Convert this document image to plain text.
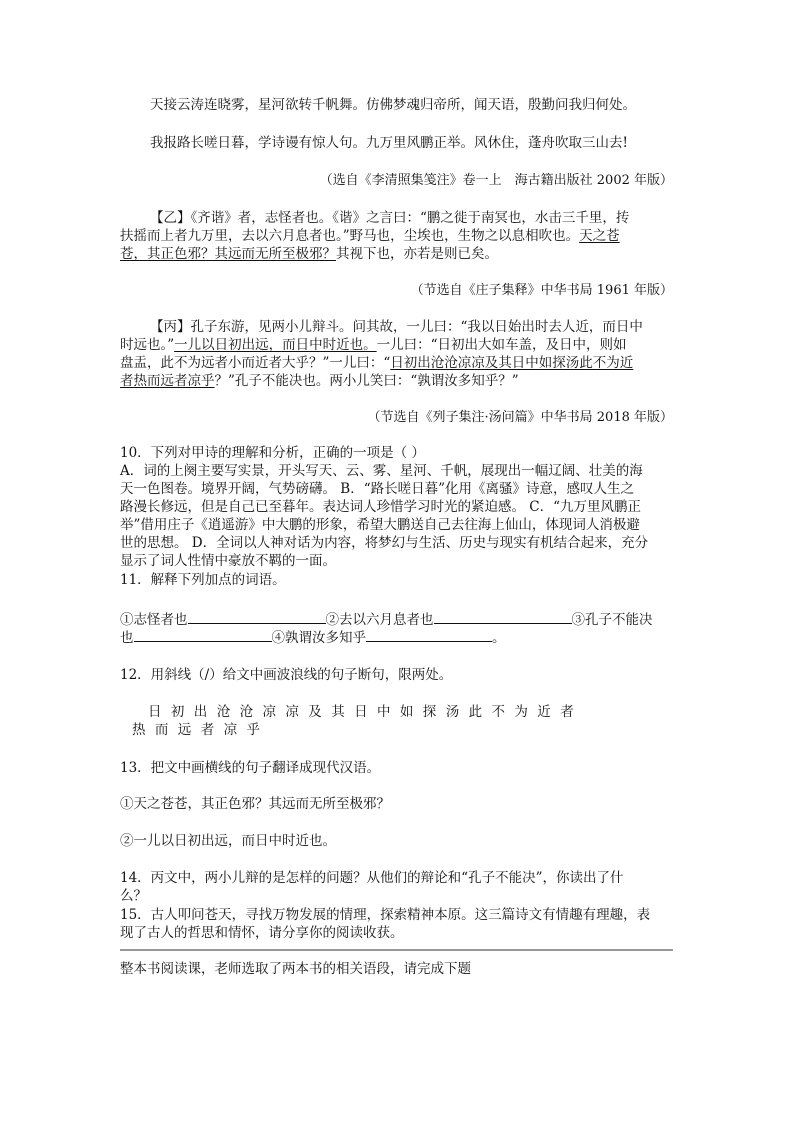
天接云涛连晓雾，星河欲转千帆舞。仿佛梦魂归帝所，闻天语，殷勤问我归何处。
我报路长嗟日暮，学诗谩有惊人句。九万里风鹏正举。风休住，蓬舟吹取三山去!
（选自《李清照集笺注》卷一上　海古籍出版社 2002 年版）
【乙】《齐谐》者，志怪者也。《谐》之言曰：“鹏之徙于南冥也，水击三千里，抟
扶摇而上者九万里，去以六月息者也。”野马也，尘埃也，生物之以息相吹也。天之苍
苍，其正色邪？其远而无所至极邪？其视下也，亦若是则已矣。
（节选自《庄子集释》中华书局 1961 年版）
【丙】孔子东游，见两小儿辩斗。问其故，一儿曰：“我以日始出时去人近，而日中
时远也。”一儿以日初出远，而日中时近也。一儿曰：“日初出大如车盖，及日中，则如
盘盂，此不为远者小而近者大乎？”一儿曰：“日初出沧沧凉凉及其日中如探汤此不为近
者热而远者凉乎？”孔子不能决也。两小儿笑曰：“孰谓汝多知乎？”
（节选自《列子集注·汤问篇》中华书局 2018 年版）
10．下列对甲诗的理解和分析，正确的一项是（ ）
A．词的上阕主要写实景，开头写天、云、雾、星河、千帆，展现出一幅辽阔、壮美的海
天一色图卷。境界开阔，气势磅礴。 B．“路长嗟日暮”化用《离骚》诗意，感叹人生之
路漫长修远，但是自己已至暮年。表达词人珍惜学习时光的紧迫感。 C．“九万里风鹏正
举”借用庄子《逍遥游》中大鹏的形象，希望大鹏送自己去往海上仙山，体现词人消极避
世的思想。 D．全词以人神对话为内容，将梦幻与生活、历史与现实有机结合起来，充分
显示了词人性情中豪放不羁的一面。
11．解释下列加点的词语。
①志怪者也	②去以六月息者也	③孔子不能决
也	④孰谓汝多知乎	。
12．用斜线（/）给文中画波浪线的句子断句，限两处。
日初出沧沧凉凉及其日中如探汤此不为近者
热而远者凉乎
13．把文中画横线的句子翻译成现代汉语。
①天之苍苍，其正色邪？其远而无所至极邪？
②一儿以日初出远，而日中时近也。
14．丙文中，两小儿辩的是怎样的问题？从他们的辩论和“孔子不能决”，你读出了什
么？
15．古人叩问苍天，寻找万物发展的情理，探索精神本原。这三篇诗文有情趣有理趣，表
现了古人的哲思和情怀，请分享你的阅读收获。
整本书阅读课，老师选取了两本书的相关语段，请完成下题
